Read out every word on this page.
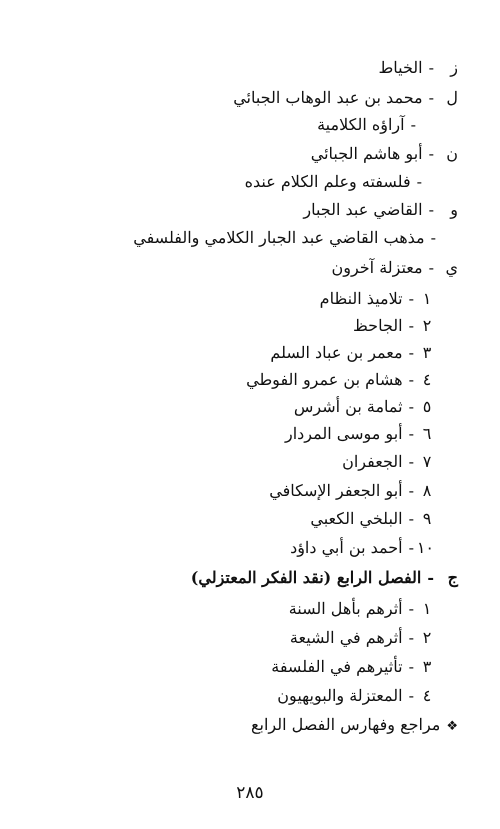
ز-الخياط
ل-محمد بن عبد الوهاب الجبائي
-آراؤه الكلامية
ن-أبو هاشم الجبائي
-فلسفته وعلم الكلام عنده
و-القاضي عبد الجبار
-مذهب القاضي عبد الجبار الكلامي والفلسفي
ي-معتزلة آخرون
١-تلاميذ النظام
٢-الجاحظ
٣-معمر بن عباد السلم
٤-هشام بن عمرو الفوطي
٥-ثمامة بن أشرس
٦-أبو موسى المردار
٧-الجعفران
٨-أبو الجعفر الإسكافي
٩-البلخي الكعبي
١٠-أحمد بن أبي داؤد
ج-الفصل الرابع (نقد الفكر المعتزلي)
١-أثرهم بأهل السنة
٢-أثرهم في الشيعة
٣-تأثيرهم في الفلسفة
٤-المعتزلة والبويهيون
❖مراجع وفهارس الفصل الرابع
٢٨٥
